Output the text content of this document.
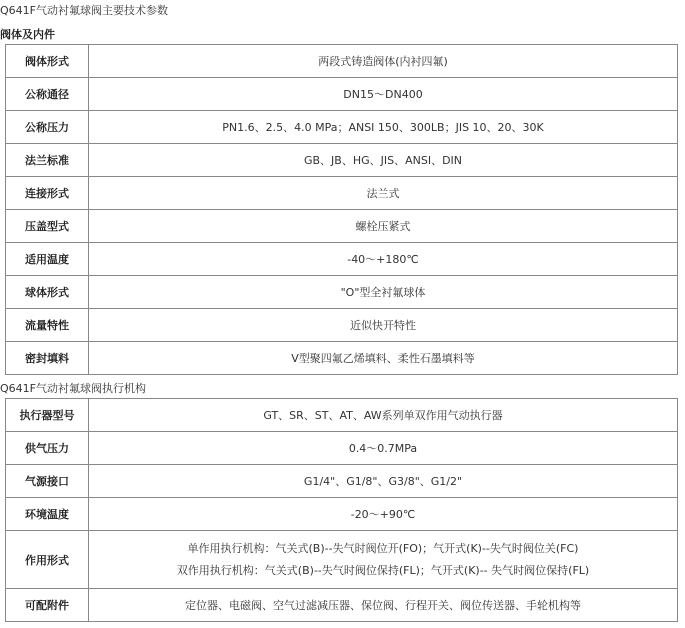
Q641F气动衬氟球阀主要技术参数
阀体及内件
阀体形式	两段式铸造阀体(内衬四氟)
公称通径	DN15～DN400
公称压力	PN1.6、2.5、4.0 MPa；ANSI 150、300LB；JIS 10、20、30K
法兰标准	GB、JB、HG、JIS、ANSI、DIN
连接形式	法兰式
压盖型式	螺栓压紧式
适用温度	-40～+180℃
球体形式	"O"型全衬氟球体
流量特性	近似快开特性
密封填料	V型聚四氟乙烯填料、柔性石墨填料等
Q641F气动衬氟球阀执行机构
执行器型号	GT、SR、ST、AT、AW系列单双作用气动执行器
供气压力	0.4～0.7MPa
气源接口	G1/4"、G1/8"、G3/8"、G1/2"
环境温度	-20～+90℃
作用形式	单作用执行机构：气关式(B)--失气时阀位开(FO)；气开式(K)--失气时阀位关(FC)
双作用执行机构：气关式(B)--失气时阀位保持(FL)；气开式(K)-- 失气时阀位保持(FL)

可配附件	定位器、电磁阀、空气过滤减压器、保位阀、行程开关、阀位传送器、手轮机构等
